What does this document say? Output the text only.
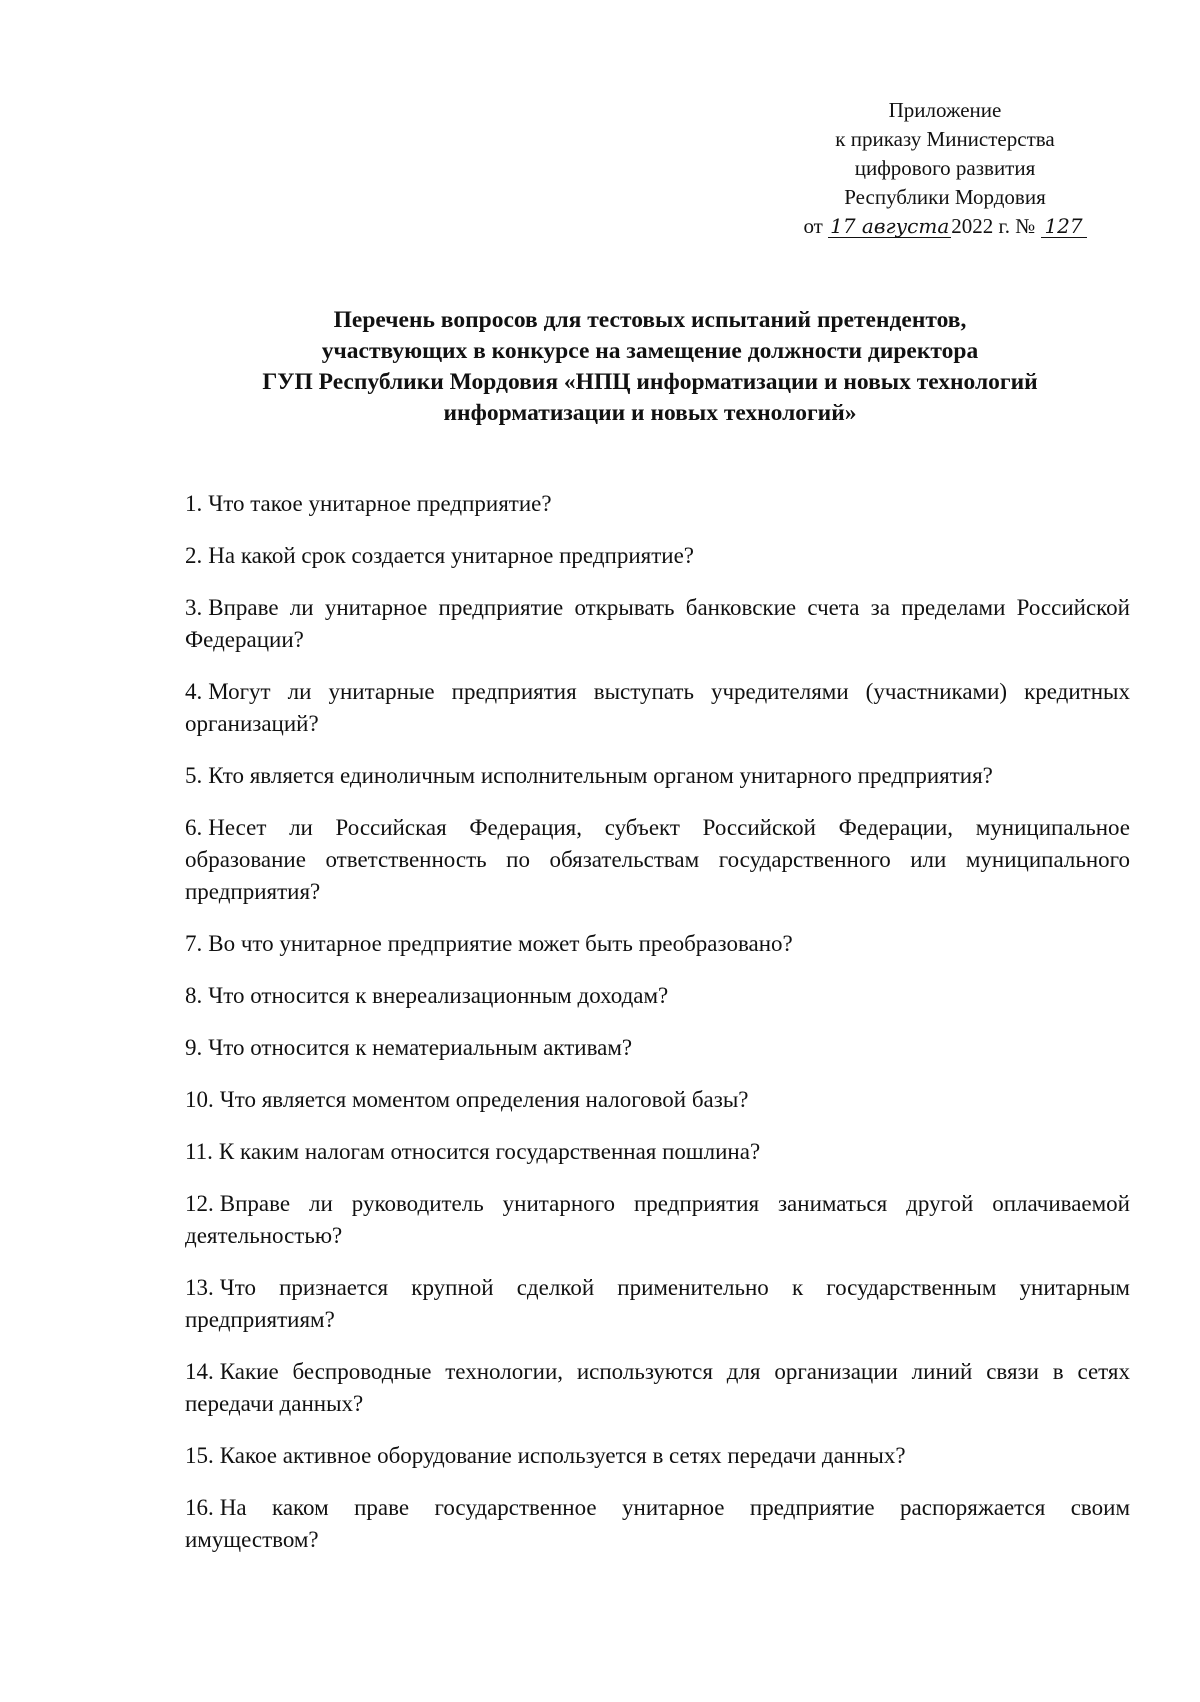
Приложение
к приказу Министерства
цифрового развития
Республики Мордовия
от 17 августа2022 г. № 127
Перечень вопросов для тестовых испытаний претендентов,
участвующих в конкурсе на замещение должности директора
ГУП Республики Мордовия «НПЦ информатизации и новых технологий
информатизации и новых технологий»
1. Что такое унитарное предприятие?
2. На какой срок создается унитарное предприятие?
3. Вправе ли унитарное предприятие открывать банковские счета за пределами Российской Федерации?
4. Могут ли унитарные предприятия выступать учредителями (участниками) кредитных организаций?
5. Кто является единоличным исполнительным органом унитарного предприятия?
6. Несет ли Российская Федерация, субъект Российской Федерации, муниципальное образование ответственность по обязательствам государственного или муниципального предприятия?
7. Во что унитарное предприятие может быть преобразовано?
8. Что относится к внереализационным доходам?
9. Что относится к нематериальным активам?
10. Что является моментом определения налоговой базы?
11. К каким налогам относится государственная пошлина?
12. Вправе ли руководитель унитарного предприятия заниматься другой оплачиваемой деятельностью?
13. Что признается крупной сделкой применительно к государственным унитарным предприятиям?
14. Какие беспроводные технологии, используются для организации линий связи в сетях передачи данных?
15. Какое активное оборудование используется в сетях передачи данных?
16. На каком праве государственное унитарное предприятие распоряжается своим имуществом?
